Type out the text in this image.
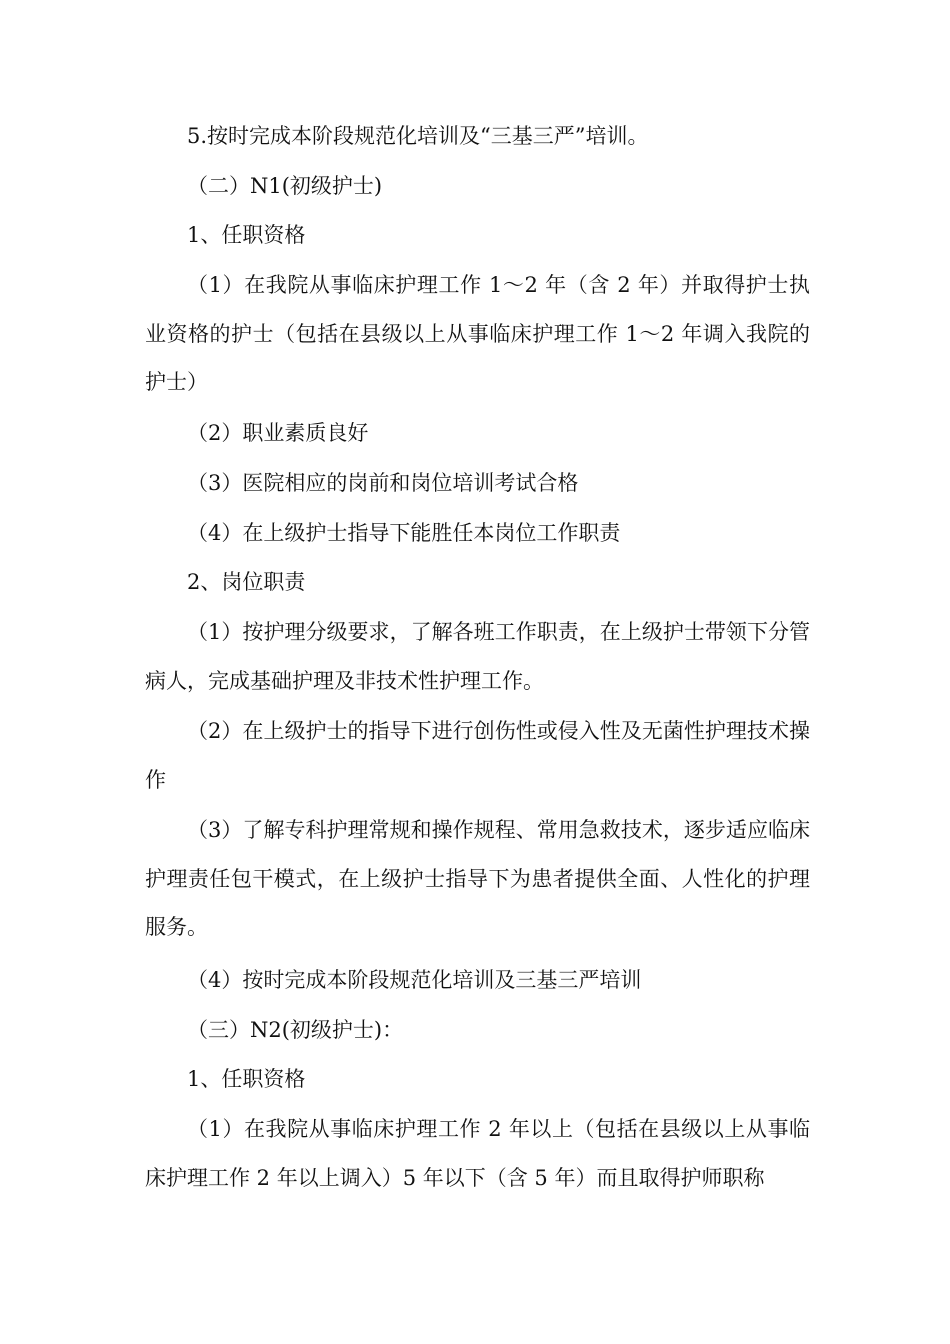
5.按时完成本阶段规范化培训及“三基三严”培训。

（二）N1(初级护士)

1、任职资格

（1）在我院从事临床护理工作 1～2 年（含 2 年）并取得护士执业资格的护士（包括在县级以上从事临床护理工作 1～2 年调入我院的护士）

（2）职业素质良好

（3）医院相应的岗前和岗位培训考试合格

（4）在上级护士指导下能胜任本岗位工作职责

2、岗位职责

（1）按护理分级要求，了解各班工作职责，在上级护士带领下分管病人，完成基础护理及非技术性护理工作。

（2）在上级护士的指导下进行创伤性或侵入性及无菌性护理技术操作

（3）了解专科护理常规和操作规程、常用急救技术，逐步适应临床护理责任包干模式，在上级护士指导下为患者提供全面、人性化的护理服务。

（4）按时完成本阶段规范化培训及三基三严培训

（三）N2(初级护士)：

1、任职资格

（1）在我院从事临床护理工作 2 年以上（包括在县级以上从事临床护理工作 2 年以上调入）5 年以下（含 5 年）而且取得护师职称
